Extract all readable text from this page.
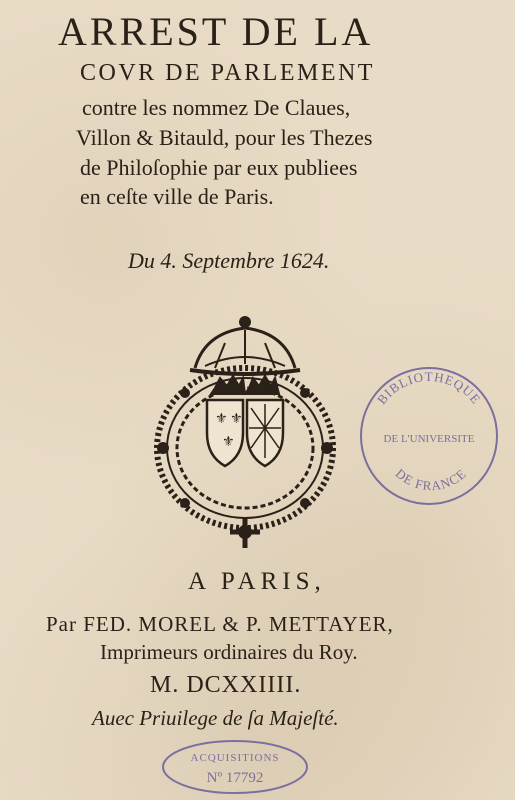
ARREST DE LA
COVR DE PARLEMENT
contre les nommez De Claues,
Villon & Bitauld, pour les Thezes
de Philoſophie par eux publiees
en ceſte ville de Paris.
Du 4. Septembre 1624.
⚜ ⚜
⚜
BIBLIOTHEQUE
DE L'UNIVERSITE
DE FRANCE
A PARIS,
Par FED. MOREL & P. METTAYER,
Imprimeurs ordinaires du Roy.
M. DCXXIIII.
Auec Priuilege de ſa Majeſté.
ACQUISITIONS
Nº 17792
